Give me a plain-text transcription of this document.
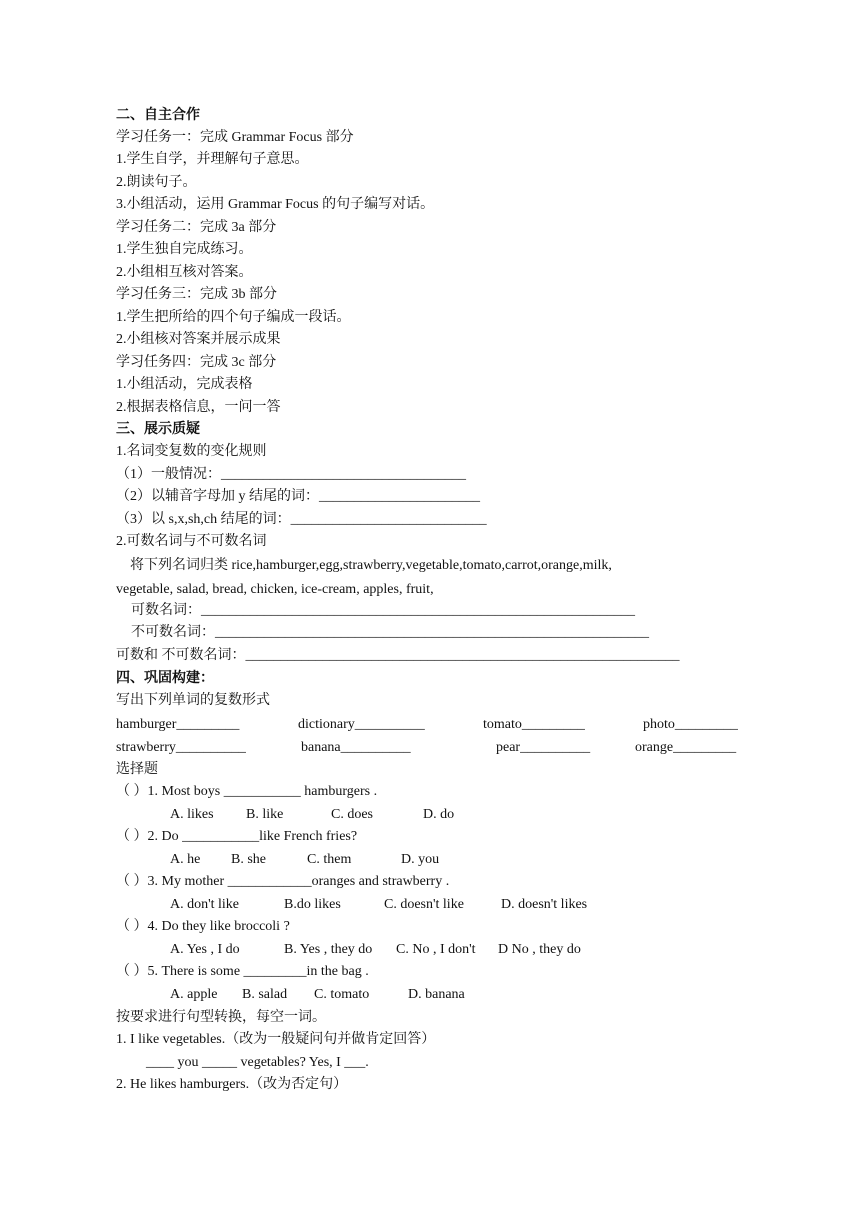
二、自主合作
学习任务一：完成 Grammar Focus 部分
1.学生自学，并理解句子意思。
2.朗读句子。
3.小组活动，运用 Grammar Focus 的句子编写对话。
学习任务二：完成 3a 部分
1.学生独自完成练习。
2.小组相互核对答案。
学习任务三：完成 3b 部分
1.学生把所给的四个句子编成一段话。
2.小组核对答案并展示成果
学习任务四：完成 3c 部分
1.小组活动，完成表格
2.根据表格信息，一问一答
三、展示质疑
1.名词变复数的变化规则
（1）一般情况：___________________________________
（2）以辅音字母加 y 结尾的词：_______________________
（3）以 s,x,sh,ch 结尾的词：____________________________
2.可数名词与不可数名词
将下列名词归类 rice,hamburger,egg,strawberry,vegetable,tomato,carrot,orange,milk,
vegetable, salad, bread, chicken, ice-cream, apples, fruit,
可数名词：______________________________________________________________
不可数名词：______________________________________________________________
可数和 不可数名词：______________________________________________________________
四、巩固构建：
写出下列单词的复数形式
hamburger_________	dictionary__________	tomato_________	photo_________
strawberry__________	banana__________	pear__________	orange_________
选择题
（ ）1. Most boys ___________ hamburgers .
A. likes B. like	C. does	D. do
（ ）2. Do ___________like French fries?
A. he B. she	C. them	D. you
（ ）3. My mother ____________oranges and strawberry .
A. don't like	B.do likes	C. doesn't like	D. doesn't likes
（ ）4. Do they like broccoli ?
A. Yes , I do	B. Yes , they do C. No , I don't D No , they do
（ ）5. There is some _________in the bag .
A. apple B. salad C. tomato	D. banana
按要求进行句型转换，每空一词。
1. I like vegetables.（改为一般疑问句并做肯定回答）
____ you _____ vegetables? Yes, I ___.
2. He likes hamburgers.（改为否定句）
